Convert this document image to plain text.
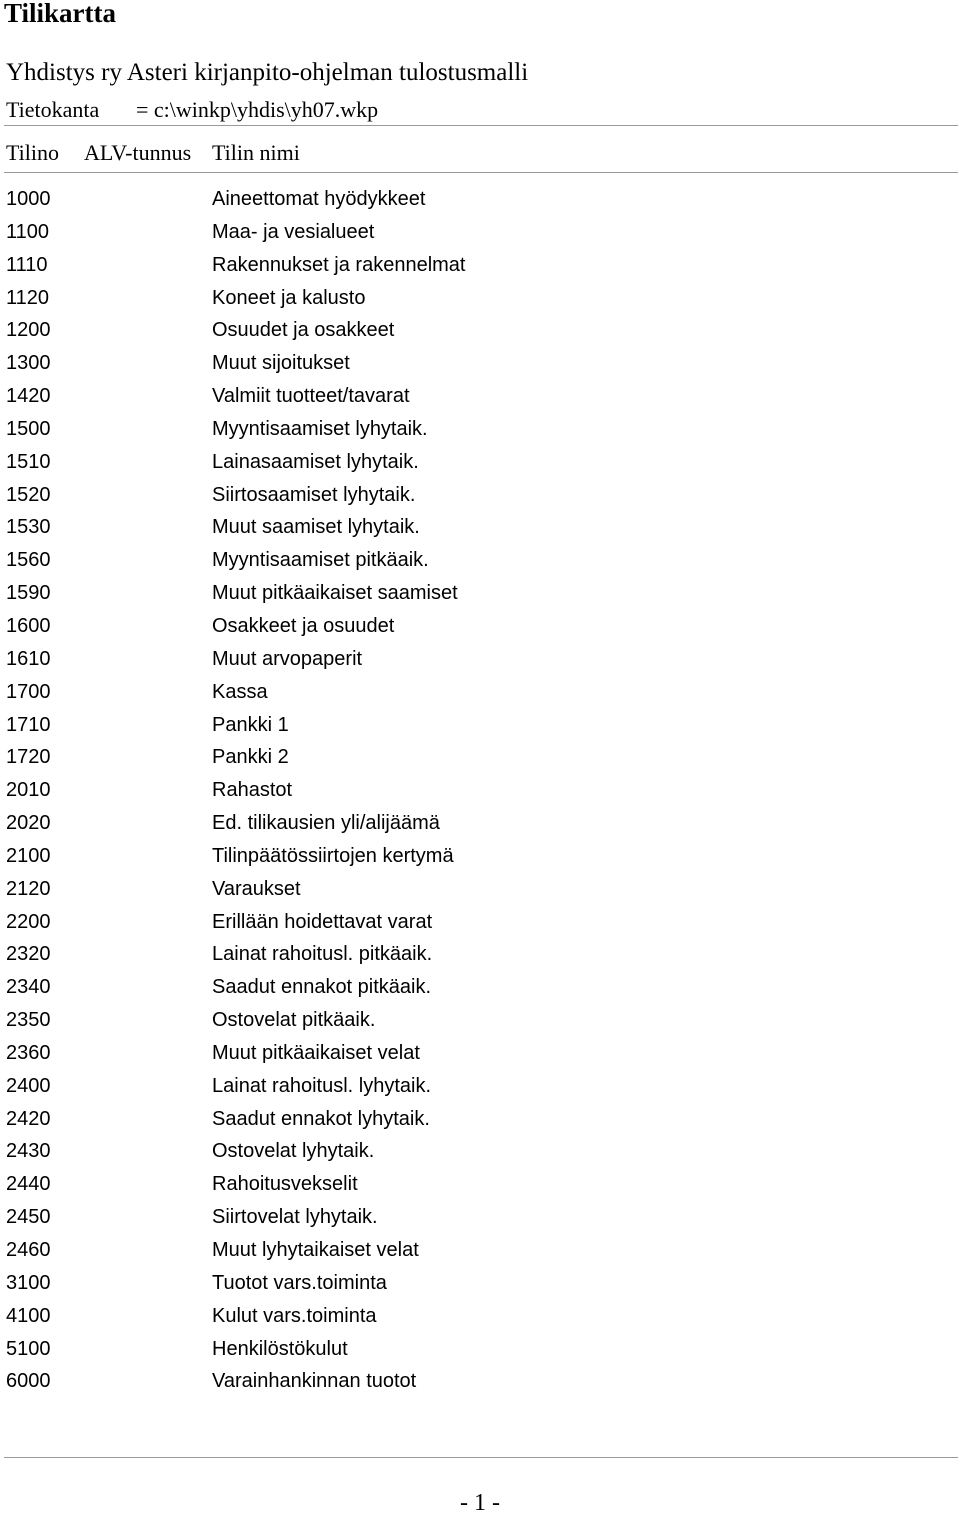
Tilikartta
Yhdistys ry Asteri kirjanpito-ohjelman tulostusmalli
Tietokanta = c:\winkp\yhdis\yh07.wkp
Tilino ALV-tunnus Tilin nimi
1000	Aineettomat hyödykkeet
1100	Maa- ja vesialueet
1110	Rakennukset ja rakennelmat
1120	Koneet ja kalusto
1200	Osuudet ja osakkeet
1300	Muut sijoitukset
1420	Valmiit tuotteet/tavarat
1500	Myyntisaamiset lyhytaik.
1510	Lainasaamiset lyhytaik.
1520	Siirtosaamiset lyhytaik.
1530	Muut saamiset lyhytaik.
1560	Myyntisaamiset pitkäaik.
1590	Muut pitkäaikaiset saamiset
1600	Osakkeet ja osuudet
1610	Muut arvopaperit
1700	Kassa
1710	Pankki 1
1720	Pankki 2
2010	Rahastot
2020	Ed. tilikausien yli/alijäämä
2100	Tilinpäätössiirtojen kertymä
2120	Varaukset
2200	Erillään hoidettavat varat
2320	Lainat rahoitusl. pitkäaik.
2340	Saadut ennakot pitkäaik.
2350	Ostovelat pitkäaik.
2360	Muut pitkäaikaiset velat
2400	Lainat rahoitusl. lyhytaik.
2420	Saadut ennakot lyhytaik.
2430	Ostovelat lyhytaik.
2440	Rahoitusvekselit
2450	Siirtovelat lyhytaik.
2460	Muut lyhytaikaiset velat
3100	Tuotot vars.toiminta
4100	Kulut vars.toiminta
5100	Henkilöstökulut
6000	Varainhankinnan tuotot
- 1 -
